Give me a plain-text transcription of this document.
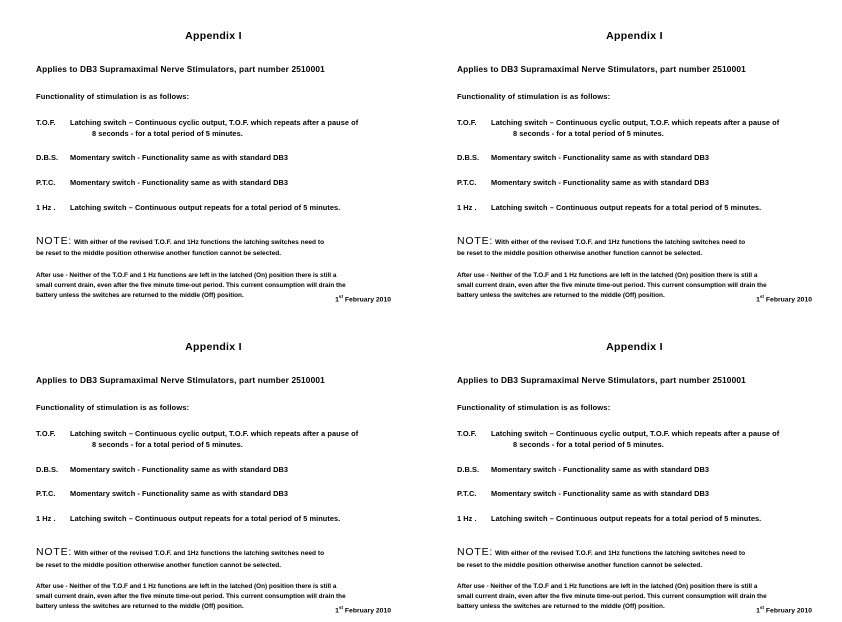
Appendix I
Applies to DB3 Supramaximal Nerve Stimulators, part number 2510001
Functionality of stimulation is as follows:
T.O.F.	Latching switch – Continuous cyclic output, T.O.F. which repeats after a pause of
8 seconds - for a total period of 5 minutes.
D.B.S.	Momentary switch - Functionality same as with standard DB3
P.T.C.	Momentary switch - Functionality same as with standard DB3
1 Hz .	Latching switch – Continuous output repeats for a total period of 5 minutes.
NOTE: With either of the revised T.O.F. and 1Hz functions the latching switches need to
be reset to the middle position otherwise another function cannot be selected.
After use - Neither of the T.O.F and 1 Hz functions are left in the latched (On) position there is still a
small current drain, even after the five minute time-out period. This current consumption will drain the
battery unless the switches are returned to the middle (Off) position.
1st February 2010
Appendix I
Applies to DB3 Supramaximal Nerve Stimulators, part number 2510001
Functionality of stimulation is as follows:
T.O.F.	Latching switch – Continuous cyclic output, T.O.F. which repeats after a pause of
8 seconds - for a total period of 5 minutes.
D.B.S.	Momentary switch - Functionality same as with standard DB3
P.T.C.	Momentary switch - Functionality same as with standard DB3
1 Hz .	Latching switch – Continuous output repeats for a total period of 5 minutes.
NOTE: With either of the revised T.O.F. and 1Hz functions the latching switches need to
be reset to the middle position otherwise another function cannot be selected.
After use - Neither of the T.O.F and 1 Hz functions are left in the latched (On) position there is still a
small current drain, even after the five minute time-out period. This current consumption will drain the
battery unless the switches are returned to the middle (Off) position.
1st February 2010
Appendix I
Applies to DB3 Supramaximal Nerve Stimulators, part number 2510001
Functionality of stimulation is as follows:
T.O.F.	Latching switch – Continuous cyclic output, T.O.F. which repeats after a pause of
8 seconds - for a total period of 5 minutes.
D.B.S.	Momentary switch - Functionality same as with standard DB3
P.T.C.	Momentary switch - Functionality same as with standard DB3
1 Hz .	Latching switch – Continuous output repeats for a total period of 5 minutes.
NOTE: With either of the revised T.O.F. and 1Hz functions the latching switches need to
be reset to the middle position otherwise another function cannot be selected.
After use - Neither of the T.O.F and 1 Hz functions are left in the latched (On) position there is still a
small current drain, even after the five minute time-out period. This current consumption will drain the
battery unless the switches are returned to the middle (Off) position.
1st February 2010
Appendix I
Applies to DB3 Supramaximal Nerve Stimulators, part number 2510001
Functionality of stimulation is as follows:
T.O.F.	Latching switch – Continuous cyclic output, T.O.F. which repeats after a pause of
8 seconds - for a total period of 5 minutes.
D.B.S.	Momentary switch - Functionality same as with standard DB3
P.T.C.	Momentary switch - Functionality same as with standard DB3
1 Hz .	Latching switch – Continuous output repeats for a total period of 5 minutes.
NOTE: With either of the revised T.O.F. and 1Hz functions the latching switches need to
be reset to the middle position otherwise another function cannot be selected.
After use - Neither of the T.O.F and 1 Hz functions are left in the latched (On) position there is still a
small current drain, even after the five minute time-out period. This current consumption will drain the
battery unless the switches are returned to the middle (Off) position.
1st February 2010
